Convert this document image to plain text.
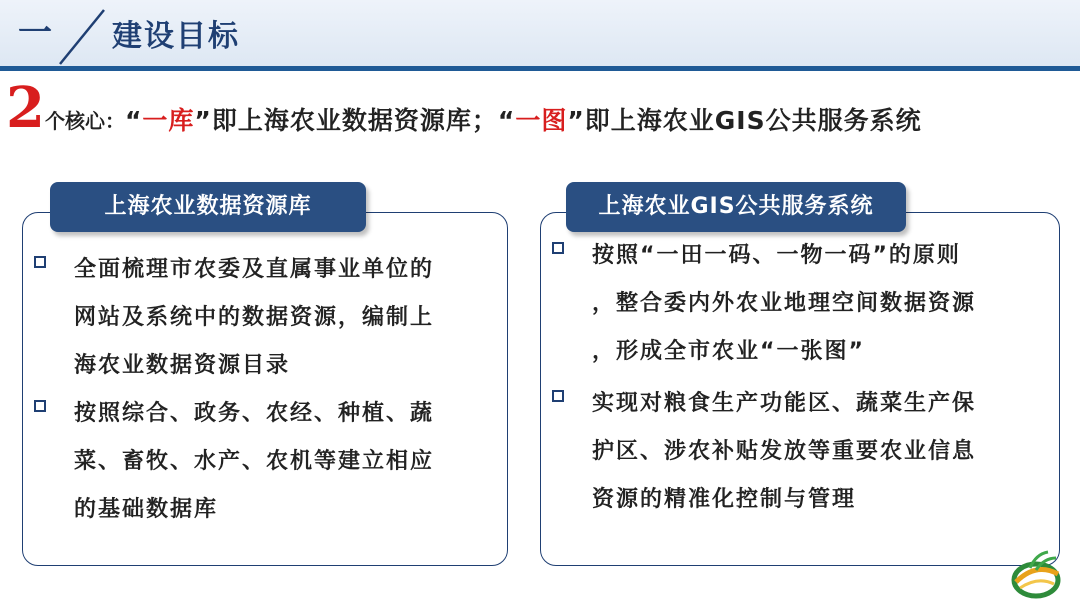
一 建设目标
2个核心：“一库”即上海农业数据资源库；“一图”即上海农业GIS公共服务系统
上海农业数据资源库	上海农业GIS公共服务系统
全面梳理市农委及直属事业单位的
网站及系统中的数据资源，编制上
海农业数据资源目录
按照综合、政务、农经、种植、蔬
菜、畜牧、水产、农机等建立相应
的基础数据库
按照“一田一码、一物一码”的原则
，整合委内外农业地理空间数据资源
，形成全市农业“一张图”
实现对粮食生产功能区、蔬菜生产保
护区、涉农补贴发放等重要农业信息
资源的精准化控制与管理
